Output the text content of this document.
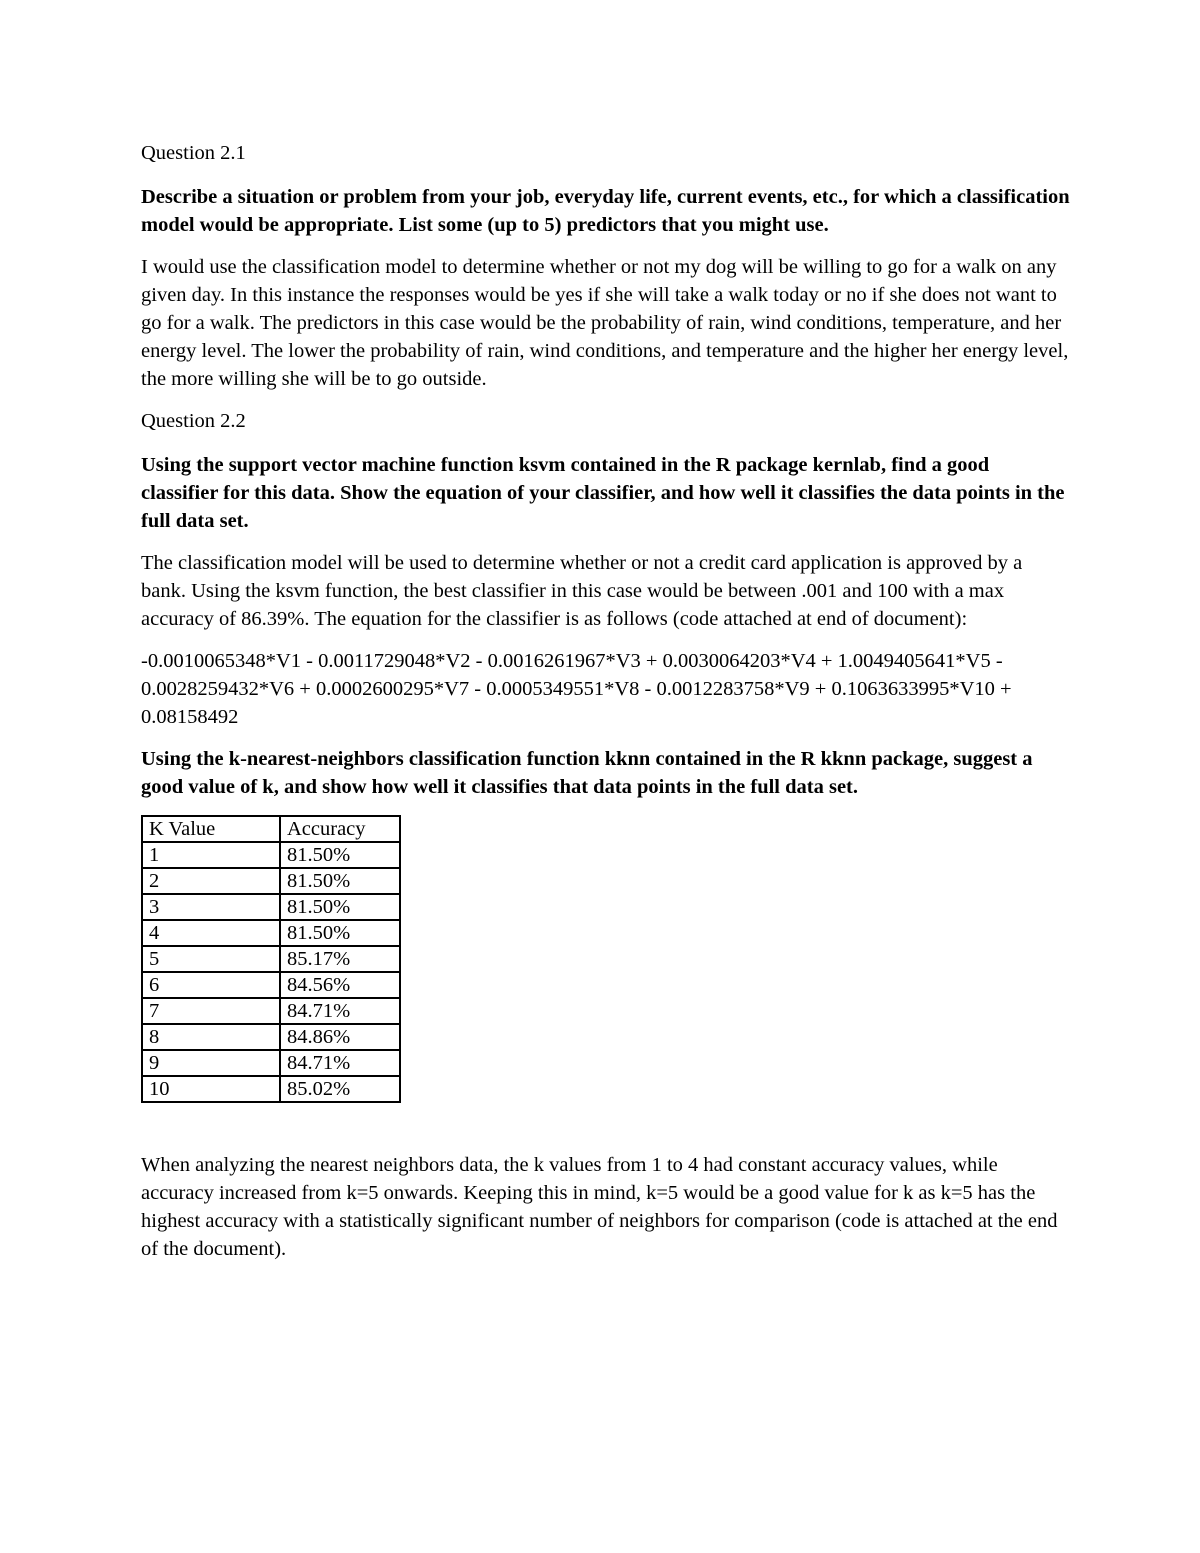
Question 2.1
Describe a situation or problem from your job, everyday life, current events, etc., for which a classification model would be appropriate. List some (up to 5) predictors that you might use.
I would use the classification model to determine whether or not my dog will be willing to go for a walk on any given day. In this instance the responses would be yes if she will take a walk today or no if she does not want to go for a walk. The predictors in this case would be the probability of rain, wind conditions, temperature, and her energy level. The lower the probability of rain, wind conditions, and temperature and the higher her energy level, the more willing she will be to go outside.
Question 2.2
Using the support vector machine function ksvm contained in the R package kernlab, find a good classifier for this data. Show the equation of your classifier, and how well it classifies the data points in the full data set.
The classification model will be used to determine whether or not a credit card application is approved by a bank. Using the ksvm function, the best classifier in this case would be between .001 and 100 with a max accuracy of 86.39%. The equation for the classifier is as follows (code attached at end of document):
-0.0010065348*V1 - 0.0011729048*V2 - 0.0016261967*V3 + 0.0030064203*V4 + 1.0049405641*V5 - 0.0028259432*V6 + 0.0002600295*V7 - 0.0005349551*V8 - 0.0012283758*V9 + 0.1063633995*V10 + 0.08158492
Using the k-nearest-neighbors classification function kknn contained in the R kknn package, suggest a good value of k, and show how well it classifies that data points in the full data set.
K Value	Accuracy
1	81.50%
2	81.50%
3	81.50%
4	81.50%
5	85.17%
6	84.56%
7	84.71%
8	84.86%
9	84.71%
10	85.02%
When analyzing the nearest neighbors data, the k values from 1 to 4 had constant accuracy values, while accuracy increased from k=5 onwards. Keeping this in mind, k=5 would be a good value for k as k=5 has the highest accuracy with a statistically significant number of neighbors for comparison (code is attached at the end of the document).
